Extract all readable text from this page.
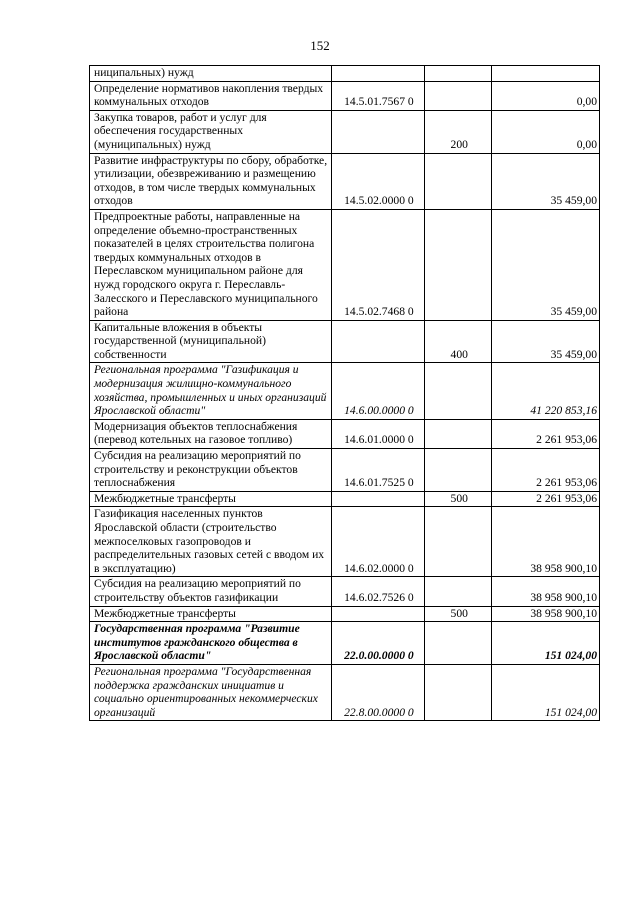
152
ниципальных) нужд			
Определение нормативов накопления твердых коммунальных отходов	14.5.01.7567 0		0,00
Закупка товаров, работ и услуг для обеспечения государственных (муниципальных) нужд		200	0,00
Развитие инфраструктуры по сбору, обработке, утилизации, обезвреживанию и размещению отходов, в том числе твердых коммунальных отходов	14.5.02.0000 0		35 459,00
Предпроектные работы, направленные на определение объемно-пространственных показателей в целях строительства полигона твердых коммунальных отходов в Переславском муниципальном районе для нужд городского округа г. Переславль-Залесского и Переславского муниципального района	14.5.02.7468 0		35 459,00
Капитальные вложения в объекты государственной (муниципальной) собственности		400	35 459,00
Региональная программа "Газификация и модернизация жилищно-коммунального хозяйства, промышленных и иных организаций Ярославской области"	14.6.00.0000 0		41 220 853,16
Модернизация объектов теплоснабжения (перевод котельных на газовое топливо)	14.6.01.0000 0		2 261 953,06
Субсидия на реализацию мероприятий по строительству и реконструкции объектов теплоснабжения	14.6.01.7525 0		2 261 953,06
Межбюджетные трансферты		500	2 261 953,06
Газификация населенных пунктов Ярославской области (строительство межпоселковых газопроводов и распределительных газовых сетей с вводом их в эксплуатацию)	14.6.02.0000 0		38 958 900,10
Субсидия на реализацию мероприятий по строительству объектов газификации	14.6.02.7526 0		38 958 900,10
Межбюджетные трансферты		500	38 958 900,10
Государственная программа "Развитие институтов гражданского общества в Ярославской области"	22.0.00.0000 0		151 024,00
Региональная программа "Государственная поддержка гражданских инициатив и социально ориентированных некоммерческих организаций	22.8.00.0000 0		151 024,00
